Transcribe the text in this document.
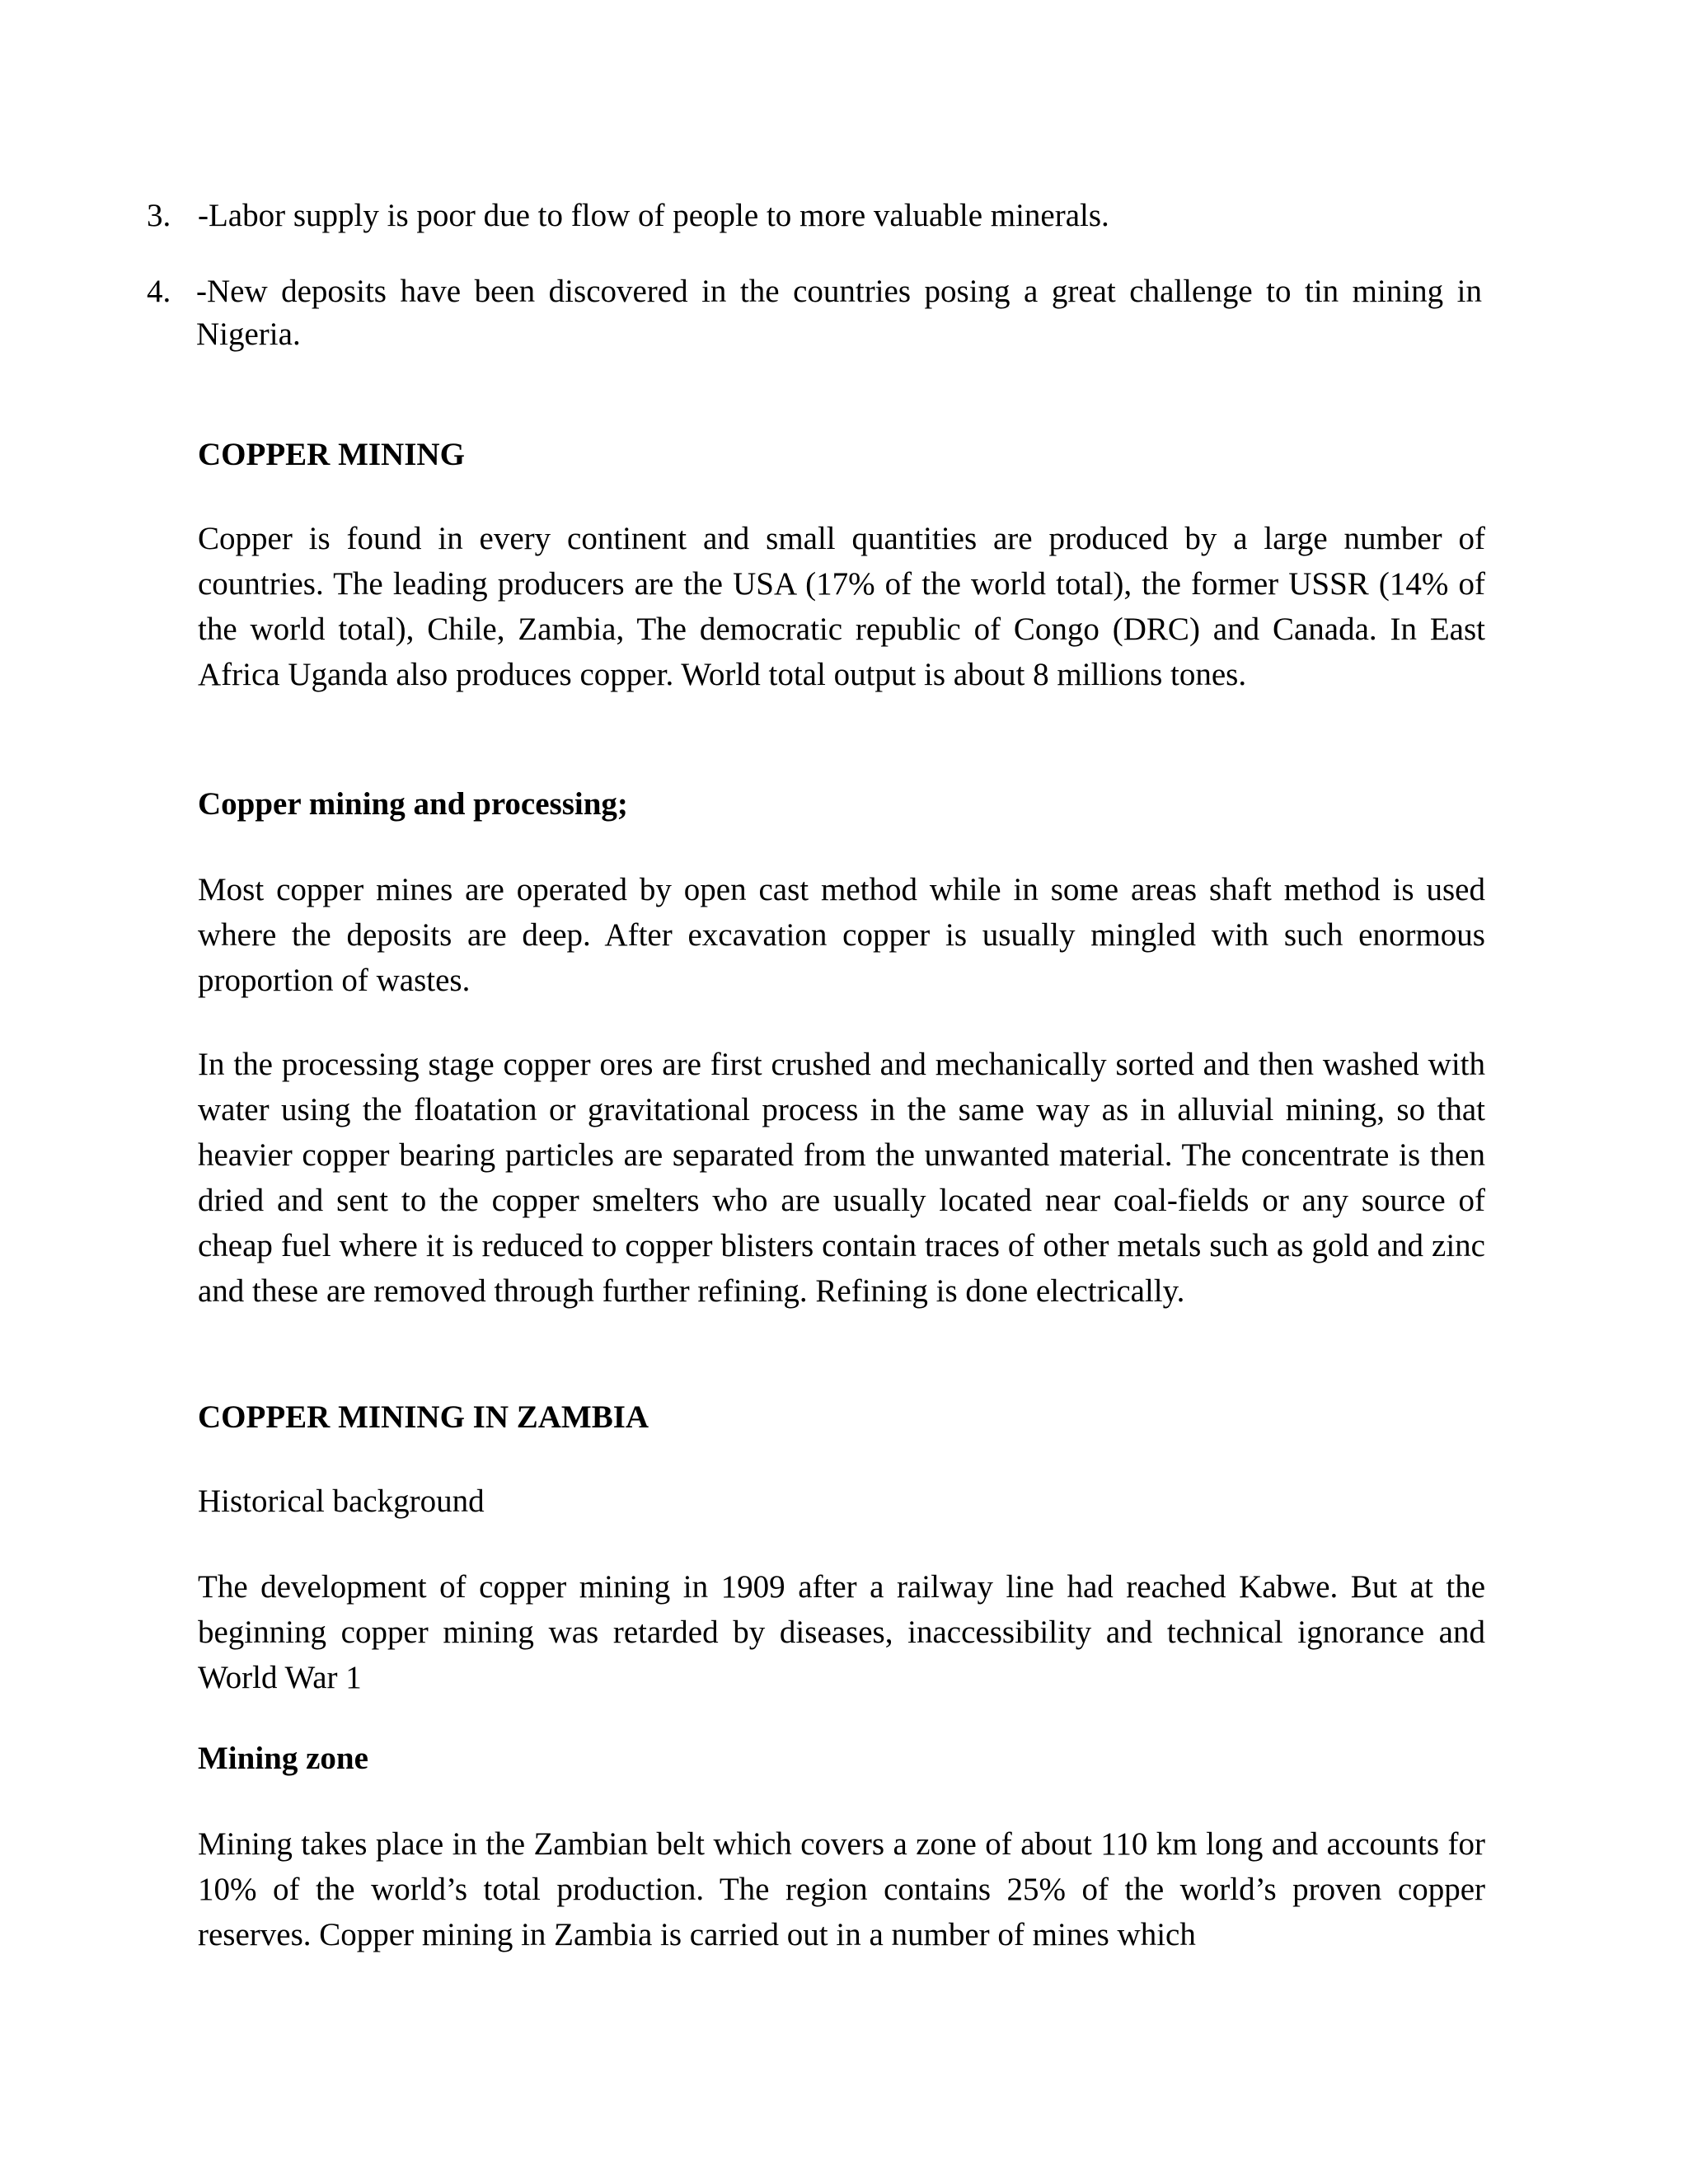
3. -Labor supply is poor due to flow of people to more valuable minerals.
4. -New deposits have been discovered in the countries posing a great challenge to tin mining in Nigeria.
COPPER MINING
Copper is found in every continent and small quantities are produced by a large number of countries. The leading producers are the USA (17% of the world total), the former USSR (14% of the world total), Chile, Zambia, The democratic republic of Congo (DRC) and Canada. In East Africa Uganda also produces copper. World total output is about 8 millions tones.
Copper mining and processing;
Most copper mines are operated by open cast method while in some areas shaft method is used where the deposits are deep. After excavation copper is usually mingled with such enormous proportion of wastes.
In the processing stage copper ores are first crushed and mechanically sorted and then washed with water using the floatation or gravitational process in the same way as in alluvial mining, so that heavier copper bearing particles are separated from the unwanted material. The concentrate is then dried and sent to the copper smelters who are usually located near coal-fields or any source of cheap fuel where it is reduced to copper blisters contain traces of other metals such as gold and zinc and these are removed through further refining. Refining is done electrically.
COPPER MINING IN ZAMBIA
Historical background
The development of copper mining in 1909 after a railway line had reached Kabwe. But at the beginning copper mining was retarded by diseases, inaccessibility and technical ignorance and World War 1
Mining zone
Mining takes place in the Zambian belt which covers a zone of about 110 km long and accounts for 10% of the world’s total production. The region contains 25% of the world’s proven copper reserves. Copper mining in Zambia is carried out in a number of mines which
